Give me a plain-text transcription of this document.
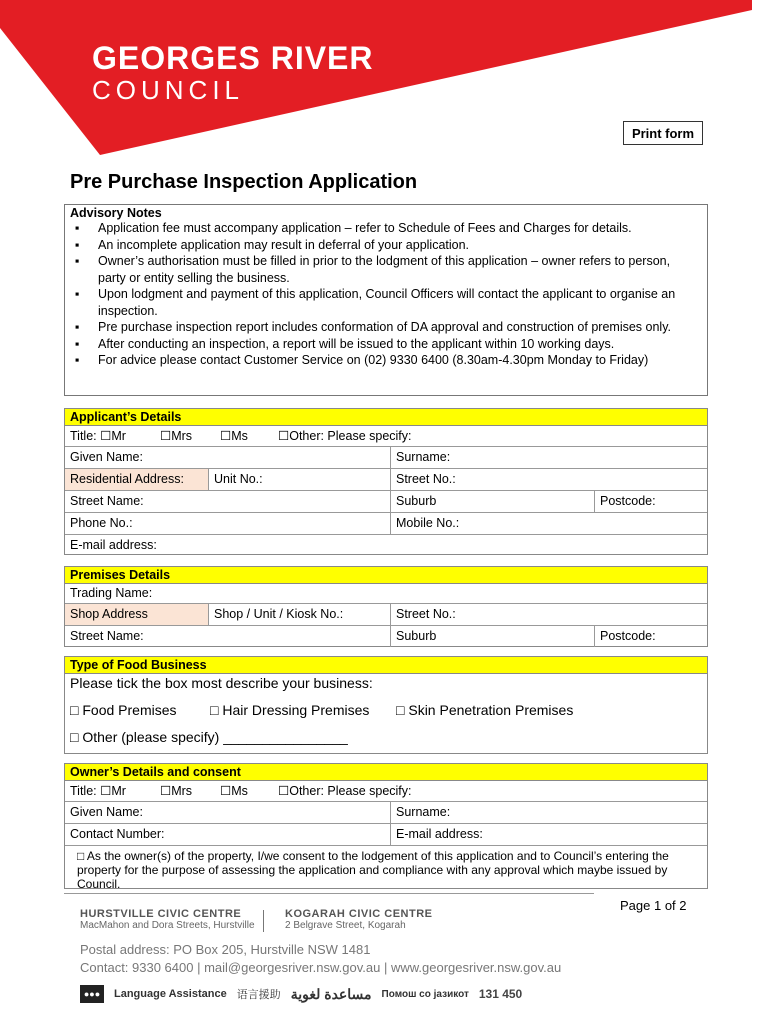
GEORGES RIVER
COUNCIL
Print form
Pre Purchase Inspection Application
Advisory Notes
▪ Application fee must accompany application – refer to Schedule of Fees and Charges for details.
▪ An incomplete application may result in deferral of your application.
▪ Owner’s authorisation must be filled in prior to the lodgment of this application – owner refers to person, party or entity selling the business.
▪ Upon lodgment and payment of this application, Council Officers will contact the applicant to organise an inspection.
▪ Pre purchase inspection report includes conformation of DA approval and construction of premises only.
▪ After conducting an inspection, a report will be issued to the applicant within 10 working days.
▪ For advice please contact Customer Service on (02) 9330 6400 (8.30am-4.30pm Monday to Friday)
Applicant’s Details
Title: ☐Mr	☐Mrs	☐Ms	☐Other: Please specify:
Given Name:	Surname:
Residential Address:	Unit No.:	Street No.:
Street Name:	Suburb	Postcode:
Phone No.:	Mobile No.:
E-mail address:
Premises Details
Trading Name:
Shop Address	Shop / Unit / Kiosk No.:	Street No.:
Street Name:	Suburb	Postcode:
Type of Food Business
Please tick the box most describe your business:
□ Food Premises □ Hair Dressing Premises □ Skin Penetration Premises
□ Other (please specify) ________________
Owner’s Details and consent
Title: ☐Mr	☐Mrs	☐Ms	☐Other: Please specify:
Given Name:	Surname:
Contact Number:	E-mail address:
□ As the owner(s) of the property, I/we consent to the lodgement of this application and to Council’s entering the property for the purpose of assessing the application and compliance with any approval which maybe issued by Council.
Page 1 of 2
HURSTVILLE CIVIC CENTRE
MacMahon and Dora Streets, Hurstville
KOGARAH CIVIC CENTRE
2 Belgrave Street, Kogarah
Postal address: PO Box 205, Hurstville NSW 1481
Contact: 9330 6400 | mail@georgesriver.nsw.gov.au | www.georgesriver.nsw.gov.au
●●●	Language Assistance 语言援助 مساعدة لغوية Помош со јазикот 131 450
